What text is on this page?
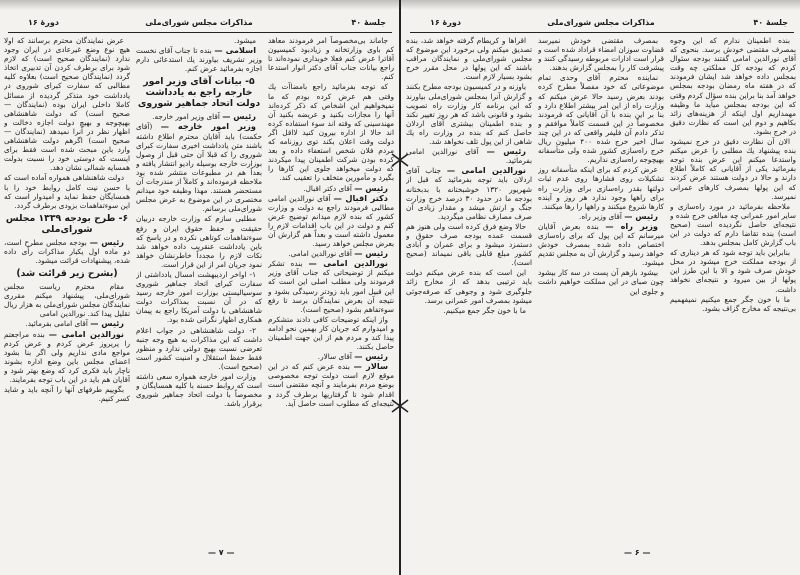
جلسهٔ ۴۰
مذاکرات مجلس شورای‌ملی
دورهٔ ۱۶

جاماند بی‌مخصوصاً امر فرمودند معاهد كم باوی وزارتخانه و زیادبود كمیسیون آقاترا عرض كنم فعلا خوبداری نموده‌اند تا راجع بیانات جناب آقای دكتر انوار استدعا كنم.

كه توجه بفرمائید راجع بامضاآت یك وقتی هم عرض كرده بودم كه ما نمیخواهیم این اشخاص كه ذكر كرده‌اند آنها را مجازات بكنید و عریضه بكنید آن مهندسینی كه وقته اند سوء استفاده كرده اند حالا از اداره بیرون كنید لااقل اگر دولت وقت اعلان بكند توی روزنامه كه مردم فلان شخص استعفاء داده و بعد كرده بودن شركت اطمینان پیدا میكردند كه دولت میخواهد جلوی این كارها را بگیرد و مأمورین متخلف را تعقیب كند.

رئیس — آقای دكتر اقبال.

دكتر اقبال — آقای نورالدین امامی مطالبی فرمودند راجع به دولت و وزارت كشور كه بنده لازم میدانم توضیح عرض كنم و دولت در این باب اقدامات لازم را معمول داشته است و بعداً هم گزارش آن بعرض مجلس خواهد رسید.

رئیس — آقای نورالدین امامی.

نورالدین امامی — بنده تشكر میكنم از توضیحاتی كه جناب آقای وزیر فرمودند ولی مطلب اصلی این است كه این قبیل امور باید زودتر رسیدگی بشود و نتیجه آن بعرض نمایندگان برسد تا رفع سوءتفاهم بشود (صحیح است).

واز اینكه توضیحات كافی دادند متشكرم و امیدوارم كه جریان كار بهمین نحو ادامه پیدا كند و مردم هم از این جهت اطمینان حاصل بكنند.

رئیس — آقای سالار.

سالار — بنده عرض كنم كه در این موقع لازم است دولت توجه مخصوصی بوضع مردم بفرمایند و آنچه مقتضی است اقدام شود تا گرفتاریها برطرف گردد و نتیجه‌ای كه مطلوب است حاصل آید.

میشود.

اسلامی — بنده تا جناب آقای نخست وزیر تشریف بیاورند یك استدعائی دارم اجازه بفرمائید عرض كنم.

۵- بیانات آقای وزیر امور خارجه راجع به یادداشت دولت اتحاد جماهیر شوروی

رئیس — آقای وزیر امور خارجه.

وزیر امور خارجه — (آقای حكمت) باید آقایان محترم اطلاع داشته باشند متن یادداشت اخیری سفارت كبرای شوروی را كه قبلا آن حتی قبل از وصول بوزارت خارجه بوسیله رادیو انتشار یافته و بعداً هم در مطبوعات منتشر شده بود ملاحظه فرموده‌اند و كاملاً از مندرجات آن مستحضر هستند. مهذا وظیفه خود میدانم مختصری در این موضوع به عرض مجلس شورای‌ملی برسانم.

مطلبی سازم كه وزارت خارجه دربیان حقیقت و حفظ حقوق ایران و رفع سوءتفاهمات كوتاهی نكرده و در پاسخ كه باین یادداشت عنقریب داده خواهد شد نكات لازم را مجدداً خاطرنشان خواهد نمود جریان امر از این قرار است.

۱- اواخر اردیبهشت امسال یادداشتی از سفارت كبرای اتحاد جماهیر شوروی سوسیالیستی بوزارت امور خارجه رسید كه در آن نسبت بمذاكرات دولت شاهنشاهی با دولت آمریكا راجع به پیمان همكاری اظهار نگرانی شده بود.

۲- دولت شاهنشاهی در جواب اعلام داشت كه این مذاكرات به هیچ وجه جنبه تعرضی نسبت بهیچ دولتی ندارد و منظور فقط حفظ استقلال و امنیت كشور است (صحیح است).

وزارت امور خارجه همواره سعی داشته است كه روابط حسنه با كلیه همسایگان و مخصوصاً با دولت اتحاد جماهیر شوروی برقرار باشد.

عرض نمایندگان محترم برسانند كه اولا هیچ نوع وضع غیرعادی در ایران وجود ندارد (نمایندگان صحیح است) كه لازم شود برای برطرف كردن آن تدبیری اتخاذ گردد (نمایندگان صحیح است) بعلاوه كلیه مطالبی كه سفارت كبرای شوروی در یادداشت خود متذكر گردیده از مسائل كاملا داخلی ایران بوده (نمایندگان — صحیح است) كه دولت شاهنشاهی بهیچوجه و بهیچ دولت اجازه دخالت و اظهار نظر در آنرا نمیدهد (نمایندگان — صحیح است) اگرهم دولت شاهنشاهی وارد باین مبحث شده است فقط برای اینست كه دوستی خود را نسبت بدولت همسایه شمالی نشان دهد.

دولت شاهنشاهی همواره آماده است كه با حسن نیت كامل روابط خود را با همسایگان حفظ نماید و امیدوار است كه این سوءتفاهمات بزودی برطرف گردد.

۶- طرح بودجه ۱۳۳۹ مجلس شورای‌ملی

رئیس — بودجه مجلس مطرح است، دو ماده اول یكبار مذاكرات رأی داده شده، پیشنهادات قرائت میشود.

(بشرح زیر قرائت شد)

مقام محترم ریاست مجلس شورای‌ملی، پیشنهاد میكنم مقرری نمایندگان مجلس شورای‌ملی به هزار ریال تقلیل پیدا كند. نورالدین امامی

رئیس — آقای امامی بفرمائید.

نورالدین امامی — بنده مراجعتم را پریروز عرض كردم و عرض كردم مواجع مادی نداریم ولی اگر بنا بشود اعضای مجلس باین وضع اداره بشوند ناچار باید فكری كرد كه وضع بهتر شود و آقایان هم باید در این باب توجه بفرمایند.

بگوییم طرفهای آنها را آنچه باید و شاید كسر كنیم.

— ۷ —
جلسهٔ ۴۰
مذاکرات مجلس شورای‌ملی
دورهٔ ۱۶

بنده اطمینان ندارم كه این وجوه بمصرف مقتضی خودش برسد. بنحوی كه آقای نورالدین امامی گفتند بودجه سئوال كردم كه بودجه كل مملكتی چه وقت بمجلس داده خواهد شد ایشان فرمودند كه در هفته ماه رمضان بودجه بمجلس خواهد آمد بنا براین بنده سؤال كردم وقتی كه این بودجه بمجلس میآید ما وظیفه مهمداریم اول اینكه از هزینه‌های زائد بكاهیم و دوم این است كه نظارت دقیق در خرج بشود.

الان آن نظارت دقیق در خرج نمیشود بنده پیشنهاد یك مطلبی را عرض میكنم واستدعا میكنم این عرض بنده توجه بفرمائید یكی از آقایانی كه كاملاً اطلاع دارند و حالا در دولت هستند عرض كردند كه این پولها بمصرف كارهای عمرانی نمیرسد.

ملاحظه بفرمائید در مورد راه‌سازی و سایر امور عمرانی چه مبالغی خرج شده و نتیجه‌ای حاصل نگردیده است (صحیح است) بنده تقاضا دارم كه دولت در این باب گزارش كامل بمجلس بدهد.

بنابراین باید توجه شود كه هر دیناری كه از بودجه مملكت خرج میشود در محل خودش صرف شود و الا با این طرز این پولها از بین میرود و نتیجه‌ای نخواهد داشت.

ما با خون جگر جمع میكنیم نمیفهمیم بی‌نتیجه كه مخارج گزاف بشود.

بمصرف مقتضی خودش نمیرسد قضاوت سوزان امضاء قراداد شده است و قرار است ادارات مربوطه رسیدگی كنند و پیشرفت كار را بمجلس گزارش بدهند.

نماینده محترم آقای وحدی تمام موضوعاتی كه خود مفصلاً مطرح كرده بودند بعرض رسید حالا عرض میكنم كه وزارت راه از این امر بیشتر اطلاع دارد و بنا بر این بنده با آن آقایانی كه فرمودند مخصوصاً در این قسمت كاملاً موافقم و تذكر دادم آن فلیفر واقعی كه در این چند سال اخیر خرج شده ۴۰۰ میلیون ریال خرج راه‌سازی كشور شده ولی متأسفانه بهیچوجه راه‌سازی نداریم.

عرض كردم كه برای اینكه متأسفانه روز تشكیلات روی فشارها روی عدم ثبات دولتها بقدر راه‌سازی برای وزارت راه برای راهها وجود ندارد هر روز و آینده كارها شروع میكنند و راهها را رها میكنند.

رئیس — آقای وزیر راه.

وزیر راه — بنده بعرض آقایان میرسانم كه این پول كه برای راه‌سازی اختصاص داده شده بمصرف خودش خواهد رسید و گزارش آن به مجلس تقدیم میشود.

بیشود بازهم آن پست در سه كار بیشود چون صبای در این مملكت خواهیم داشت و جلوی این

اقراها و كریطام گرفته خواهد شد، بنده تصدیق میكنم ولی برخورد این موضوع كه مجلس شورای‌ملی و نمایندگان مراقب باشند كه این پولها در محل مقرر خرج بشود بسیار لازم است.

یاوزنه و در كمیسیون بودجه مطرح بكنند و گزارش آنرا بمجلس شورای‌ملی بیاورند كه این برنامه كار وزارت راه تصویب بشود و قانونی باشد كه هر روز تغییر نكند و بنده اطمینان بیشتری آقای اردلان حاصل كنم كه بنده در وزارت راه یك شاهی از این پول تلف نخواهد شد.

رئیس — آقای نورالدین امامی بفرمائید.

نورالدین امامی — جناب آقای اردلان باید توجه بفرمائید كه قبل از شهریور ۱۳۲۰ خوشبختانه با بدبختانه بودجه ما در حدود ۳۰ درصد خرج وزارت جنگ و ارتش میشد و مقدار زیادی آن صرف مصارف نظامی میگردید.

حالا وضع فرق كرده است ولی هنوز هم قسمت عمده بودجه صرف حقوق و دستمزد میشود و برای عمران و آبادی كشور مبلغ قابلی باقی نمیماند (صحیح است).

این است كه بنده عرض میكنم دولت باید ترتیبی بدهد كه از مخارج زائد جلوگیری شود و وجوهی كه صرفه‌جوئی میشود بمصرف امور عمرانی برسد.

ما با خون جگر جمع میكنیم.

— ۶ —
